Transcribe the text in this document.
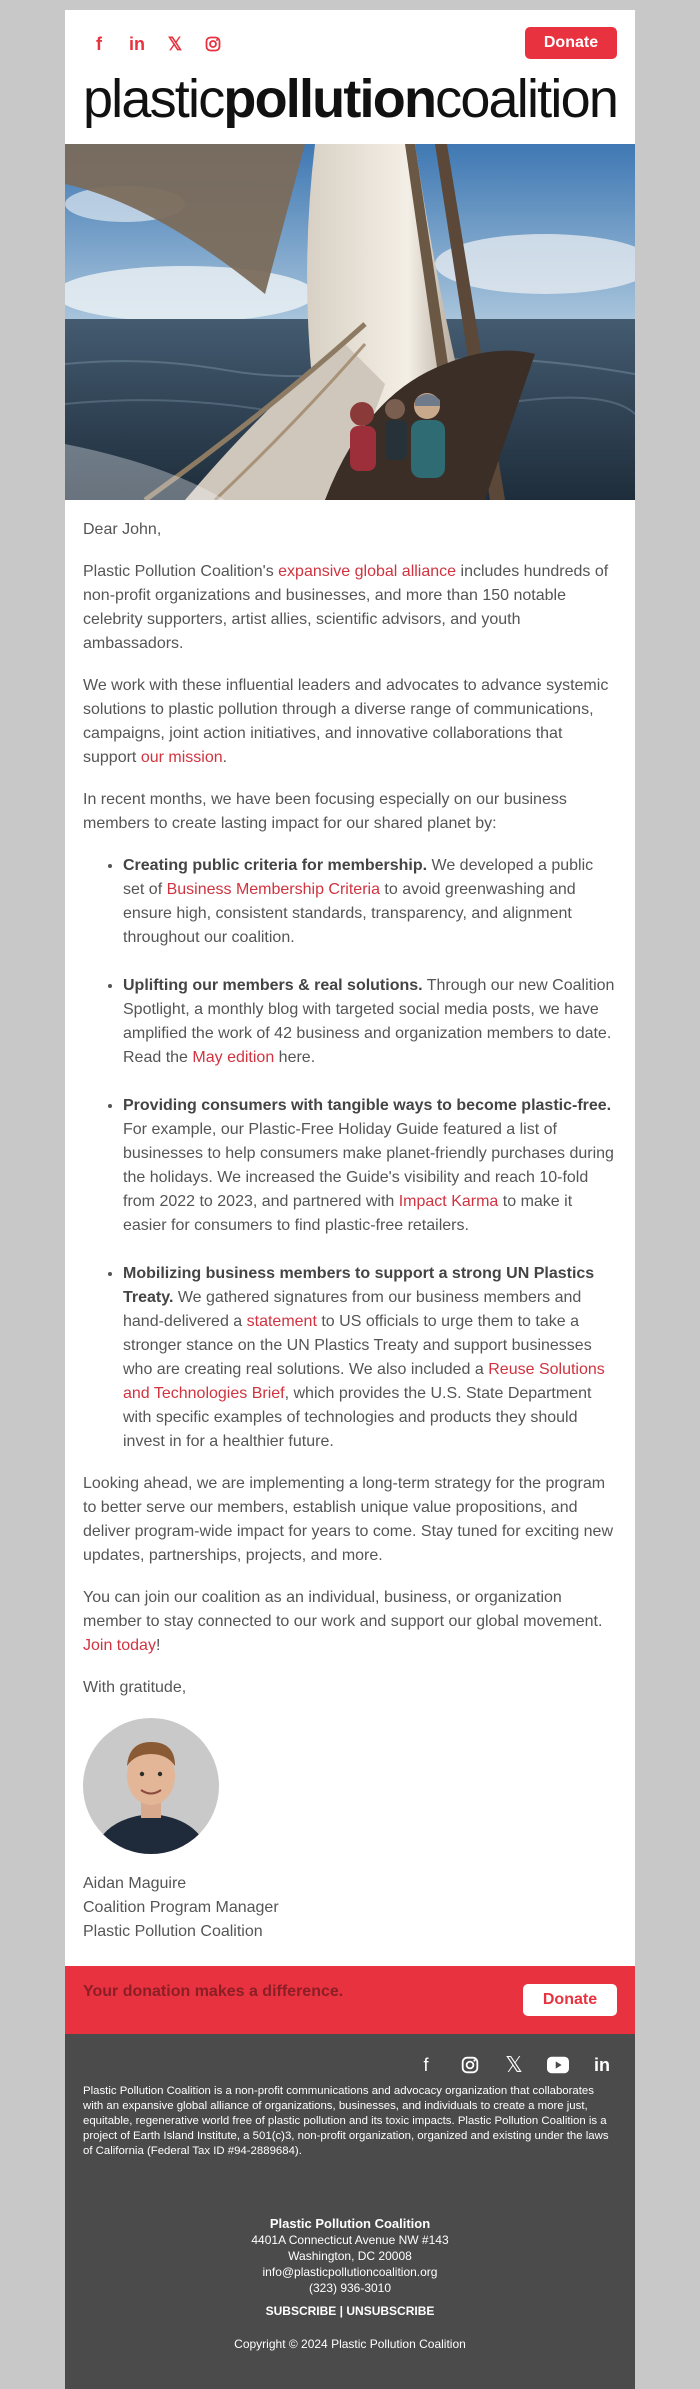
f	in 𝕏	Donate
plasticpollutioncoalition

Dear John,

Plastic Pollution Coalition's expansive global alliance includes hundreds of non-profit organizations and businesses, and more than 150 notable celebrity supporters, artist allies, scientific advisors, and youth ambassadors.

We work with these influential leaders and advocates to advance systemic solutions to plastic pollution through a diverse range of communications, campaigns, joint action initiatives, and innovative collaborations that support our mission.

In recent months, we have been focusing especially on our business members to create lasting impact for our shared planet by:

• Creating public criteria for membership. We developed a public set of Business Membership Criteria to avoid greenwashing and ensure high, consistent standards, transparency, and alignment throughout our coalition.
• Uplifting our members & real solutions. Through our new Coalition Spotlight, a monthly blog with targeted social media posts, we have amplified the work of 42 business and organization members to date. Read the May edition here.
• Providing consumers with tangible ways to become plastic-free. For example, our Plastic-Free Holiday Guide featured a list of businesses to help consumers make planet-friendly purchases during the holidays. We increased the Guide's visibility and reach 10-fold from 2022 to 2023, and partnered with Impact Karma to make it easier for consumers to find plastic-free retailers.
• Mobilizing business members to support a strong UN Plastics Treaty. We gathered signatures from our business members and hand-delivered a statement to US officials to urge them to take a stronger stance on the UN Plastics Treaty and support businesses who are creating real solutions. We also included a Reuse Solutions and Technologies Brief, which provides the U.S. State Department with specific examples of technologies and products they should invest in for a healthier future.

Looking ahead, we are implementing a long-term strategy for the program to better serve our members, establish unique value propositions, and deliver program-wide impact for years to come. Stay tuned for exciting new updates, partnerships, projects, and more.

You can join our coalition as an individual, business, or organization member to stay connected to our work and support our global movement. Join today!

With gratitude,

Aidan Maguire

Coalition Program Manager

Plastic Pollution Coalition

Your donation makes a difference.	Donate
f	𝕏	in

Plastic Pollution Coalition is a non-profit communications and advocacy organization that collaborates with an expansive global alliance of organizations, businesses, and individuals to create a more just, equitable, regenerative world free of plastic pollution and its toxic impacts. Plastic Pollution Coalition is a project of Earth Island Institute, a 501(c)3, non-profit organization, organized and existing under the laws of California (Federal Tax ID #94-2889684).

Plastic Pollution Coalition
4401A Connecticut Avenue NW #143
Washington, DC 20008
info@plasticpollutioncoalition.org
(323) 936-3010
SUBSCRIBE | UNSUBSCRIBE
Copyright © 2024 Plastic Pollution Coalition
